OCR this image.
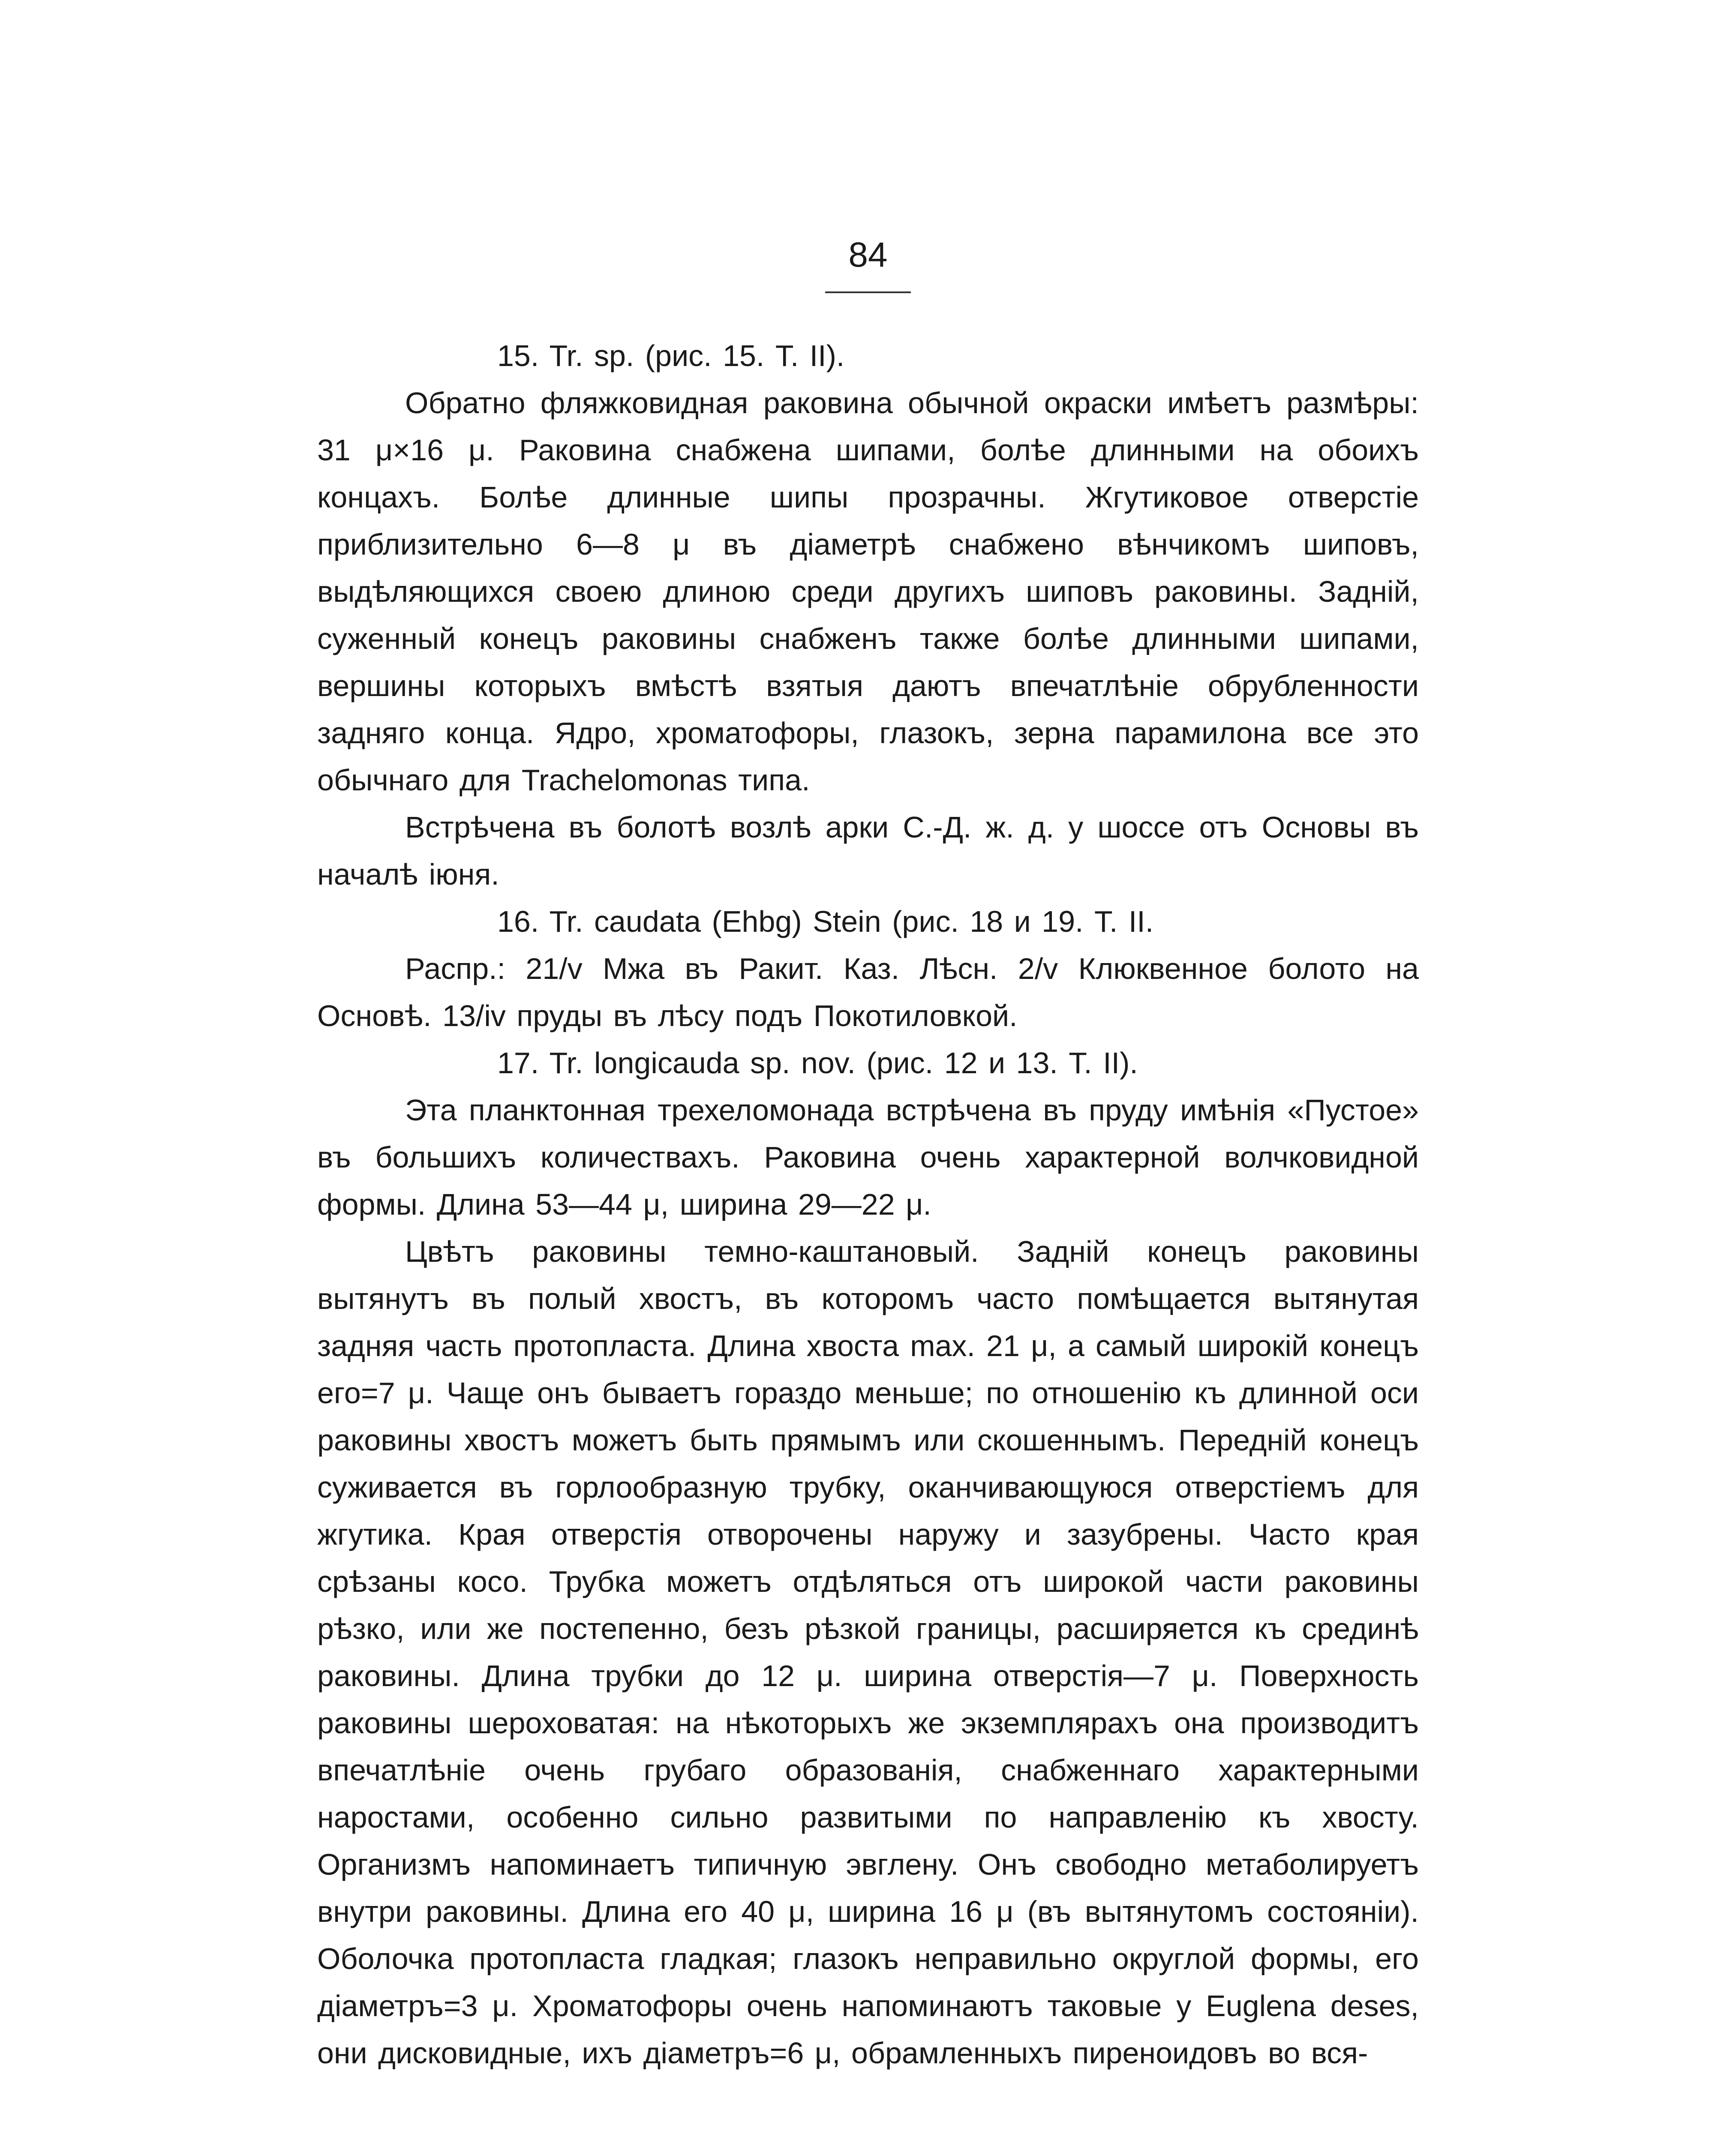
84

15. Tr. sp. (рис. 15. Т. II).

Обратно фляжковидная раковина обычной окраски имѣетъ размѣры: 31 μ×16 μ. Раковина снабжена шипами, болѣе длинными на обоихъ концахъ. Болѣе длинные шипы прозрачны. Жгутиковое отверстiе приблизительно 6—8 μ въ дiаметрѣ снабжено вѣнчикомъ шиповъ, выдѣляющихся своею длиною среди другихъ шиповъ раковины. Заднiй, суженный конецъ раковины снабженъ также болѣе длинными шипами, вершины которыхъ вмѣстѣ взятыя даютъ впечатлѣнiе обрубленности задняго конца. Ядро, хроматофоры, глазокъ, зерна парамилона все это обычнаго для Trachelomonas типа.

Встрѣчена въ болотѣ возлѣ арки С.-Д. ж. д. у шоссе отъ Основы въ началѣ iюня.

16. Tr. caudata (Ehbg) Stein (рис. 18 и 19. Т. II.

Распр.: 21/v Мжа въ Ракит. Каз. Лѣсн. 2/v Клюквенное болото на Основѣ. 13/iv пруды въ лѣсу подъ Покотиловкой.

17. Tr. longicauda sp. nov. (рис. 12 и 13. Т. II).

Эта планктонная трехеломонада встрѣчена въ пруду имѣнiя «Пустое» въ большихъ количествахъ. Раковина очень характерной волчковидной формы. Длина 53—44 μ, ширина 29—22 μ.

Цвѣтъ раковины темно-каштановый. Заднiй конецъ раковины вытянутъ въ полый хвостъ, въ которомъ часто помѣщается вытянутая задняя часть протопласта. Длина хвоста max. 21 μ, а самый широкiй конецъ его=7 μ. Чаще онъ бываетъ гораздо меньше; по отношенiю къ длинной оси раковины хвостъ можетъ быть прямымъ или скошеннымъ. Переднiй конецъ суживается въ горлообразную трубку, оканчивающуюся отверстiемъ для жгутика. Края отверстiя отворочены наружу и зазубрены. Часто края срѣзаны косо. Трубка можетъ отдѣляться отъ широкой части раковины рѣзко, или же постепенно, безъ рѣзкой границы, расширяется къ срединѣ раковины. Длина трубки до 12 μ. ширина отверстiя—7 μ. Поверхность раковины шероховатая: на нѣкоторыхъ же экземплярахъ она производитъ впечатлѣнiе очень грубаго образованiя, снабженнаго характерными наростами, особенно сильно развитыми по направленiю къ хвосту. Организмъ напоминаетъ типичную эвглену. Онъ свободно метаболируетъ внутри раковины. Длина его 40 μ, ширина 16 μ (въ вытянутомъ состоянiи). Оболочка протопласта гладкая; глазокъ неправильно округлой формы, его дiаметръ=3 μ. Хроматофоры очень напоминаютъ таковые у Euglena deses, они дисковидные, ихъ дiаметръ=6 μ, обрамленныхъ пиреноидовъ во вся-
